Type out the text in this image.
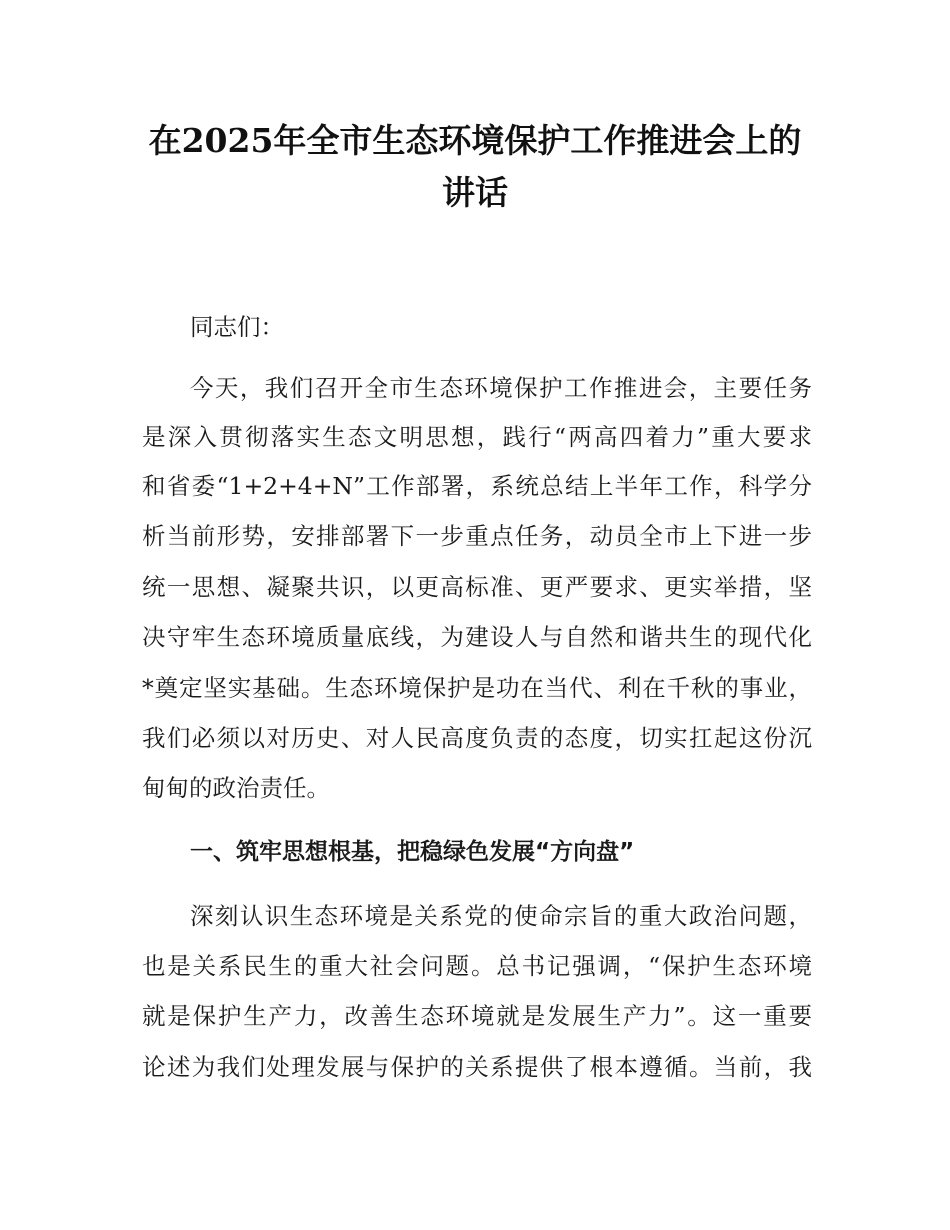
在2025年全市生态环境保护工作推进会上的
讲话

同志们：

今天，我们召开全市生态环境保护工作推进会，主要任务

是深入贯彻落实生态文明思想，践行“两高四着力”重大要求

和省委“1+2+4+N”工作部署，系统总结上半年工作，科学分

析当前形势，安排部署下一步重点任务，动员全市上下进一步

统一思想、凝聚共识，以更高标准、更严要求、更实举措，坚

决守牢生态环境质量底线，为建设人与自然和谐共生的现代化

*奠定坚实基础。生态环境保护是功在当代、利在千秋的事业，

我们必须以对历史、对人民高度负责的态度，切实扛起这份沉

甸甸的政治责任。

一、筑牢思想根基，把稳绿色发展“方向盘”

深刻认识生态环境是关系党的使命宗旨的重大政治问题，

也是关系民生的重大社会问题。总书记强调，“保护生态环境

就是保护生产力，改善生态环境就是发展生产力”。这一重要

论述为我们处理发展与保护的关系提供了根本遵循。当前，我
